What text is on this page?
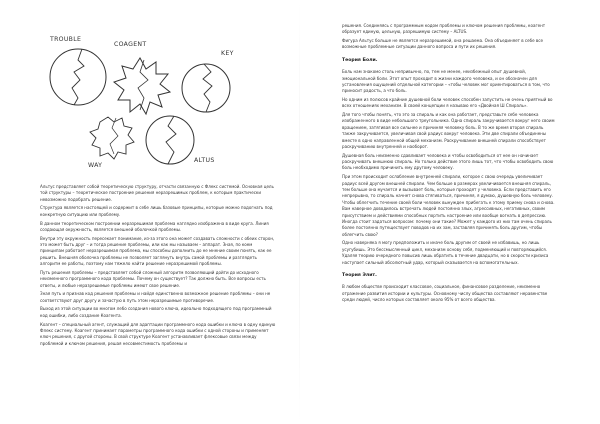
TROUBLE
COAGENT
KEY
WAY
ALTUS

Альтус представляет собой теоретическую структуру, отчасти связанную с Флекс системой. Основная цель той структуры – теоретическое построение решения неразрешимых проблем, к которым практически невозможно подобрать решение.

Структура является настоящей и содержит в себе лишь базовые принципы, которые можно подогнать под конкретную ситуацию или проблему.

В данном теоретическом построении неразрешимая проблема наглядно изображена в виде круга. Линия создающая окружность, является внешней оболочкой проблемы.

Внутри эту окружность пересекает понимание, из-за этого она может создавать сложности с обеих сторон, это может быть друг – и тогда решение проблемы, или как мы называем – аппарат. Зная, по коем принципам работает неразрешимая проблема, мы способны дополнить до ее мнение своим понять, как ее решить. Внешняя оболочка проблемы не позволяет заглянуть внутрь самой проблемы и разглядеть алгоритм ее работы, поэтому нам тяжело найти решение неразрешимой проблемы.

Путь решения проблемы – представляет собой сложный алгоритм позволяющий дойти до исходного неизменного программного кода проблемы. Почему он существует? Так должно быть. Все вопросы есть ответы, и любые неразрешимые проблемы имеют свое решение.

Зная путь и признав код решения проблемы и найдя единственно возможное решение проблемы – они не соответствуют друг другу и зачастую в путь этом неразрешимые противоречие.

Выход из этой ситуации во многом лебо создания нового ключа, идеально подходящего под программный код ошибки, либо создание Коагента.

Коагент – специальный агент, служащий для адаптации программного кода ошибки и ключа в одну единую Флекс систему. Коагент принимает параметры программного кода ошибки с одной стороны и применяет ключ решения, с другой стороны. В свой структуре Коагент устанавливает флексовые связи между проблемой и ключом решения, решая несовместимость проблемы и

решения. Соединяясь с программным кодом проблемы и ключом решения проблемы, коагент образует единую, цельную, разрешимую систему – ALTUS.

Фигура Альтус больше не является неразрешимой, она решаема. Она объединяет в себе все возможные проблемные ситуации данного вопроса и пути их решения.

Теория Боли.

Боль нам знакомо столь непривычно, по, тем не менее, неизбежный опыт душевной, эмоциональной боли. Этот опыт проходит в жизни каждого человека, и он обозначен для установления ощущений отдельной категории – «тобы человек мог ориентироваться в том, что приносит радость, а что боль.

Но одним из полюсов крайние душевной боли человек способен запустить не очень приятный во всех отношениях механизм. В своей концепции я называю его «Двойная Ш Спираль».

Для того чтобы понять, что это за спираль и как она работает, представьте себе человека изображенного в виде небольшого треугольника. Одна спираль закручивается вокруг него своим вращением, затягивая все сильнее и причиняя человеку боль. В то же время вторая спираль также закручивается, увеличивая свой радиус вокруг человека. Эти две спирали объединены вместе в одно направленной общей механизм. Раскручивание внешней спирали способствует раскручиванию внутренней и наоборот.

Душевная боль неизменно сдавливает человека и чтобы освободиться от нее он начинает раскручивать внешнюю спираль. Но только действие этого лишь тот, что чтобы освободить свою боль необходимо причинить ему другому человеку.

При этом происходит ослабление внутренней спирали, которое с свою очередь увеличивает радиус всей другом внешней спирали. Чем больше в размерах увеличивается внешняя спираль, тем больше она мучается и вызывает боль, которые проходят у человека. Если представить его непрерывно, то спираль начнет снова стягиваться, причиняя, я думаю, душевную боль человеку. Чтобы облегчить течение своей боли человек вынужден прибегать к этому приему снова и снова. Вам наверное доводилось встречать людей постоянно злых, агрессивных, негативных, своим присутствием и действиями способных портить настроение или вообще вогнать в депрессию. Иногда стоит задаться вопросом: почему они такие? Может у каждого из них там очень спираль более постоянно путеществует поводов на их зам, заставляя причинять боль другим, чтобы облегчить свою?

Одно наверняка я могу предположить и иначе боль другим от своей не избавишь, но лишь усугубишь. Это бессмысленный цикл, механизм основу себя, подменяющий и повторяющийся. Удаляя теорию очередного повысив лишь обратить в течение двадцати, но в скорости кризиса наступает сильный абсолютный удар, который сказывается на вспомогательных.

Теория Элит.

В любом обществе происходит классовое, социальное, финансовое разделение, неизменно отражение развития истории и культуры. Основному числу общества составляют неравенстве среди людей, число которых составляет около 95% от всего общества.
